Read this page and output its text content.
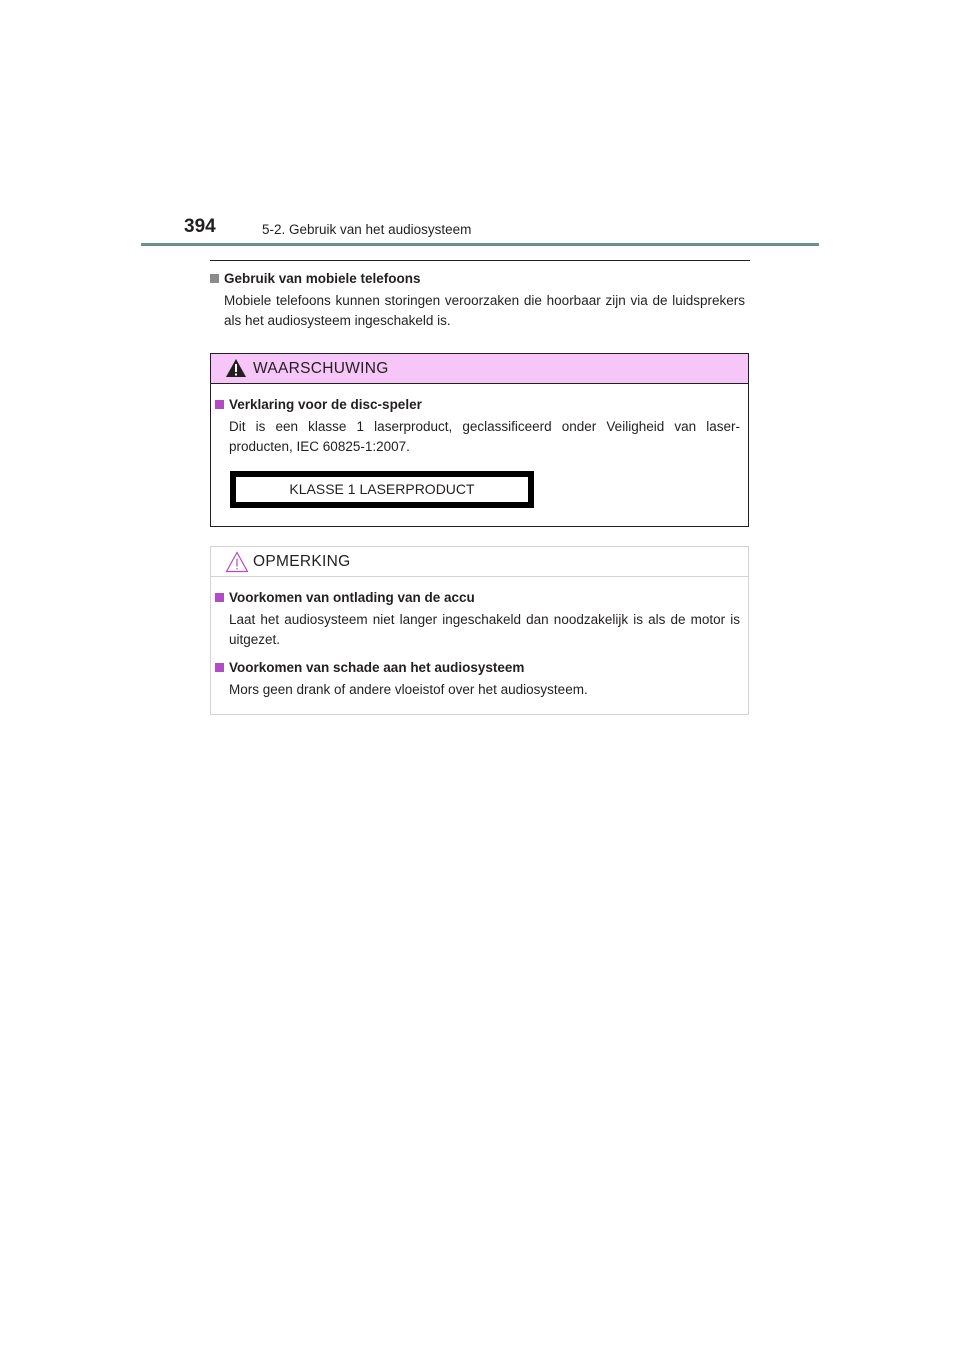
394	5-2. Gebruik van het audiosysteem

Gebruik van mobiele telefoons

Mobiele telefoons kunnen storingen veroorzaken die hoorbaar zijn via de luidsprekers als het audiosysteem ingeschakeld is.

WAARSCHUWING

Verklaring voor de disc-speler

Dit is een klasse 1 laserproduct, geclassificeerd onder Veiligheid van laser-producten, IEC 60825-1:2007.

KLASSE 1 LASERPRODUCT
OPMERKING

Voorkomen van ontlading van de accu

Laat het audiosysteem niet langer ingeschakeld dan noodzakelijk is als de motor is uitgezet.

Voorkomen van schade aan het audiosysteem

Mors geen drank of andere vloeistof over het audiosysteem.
